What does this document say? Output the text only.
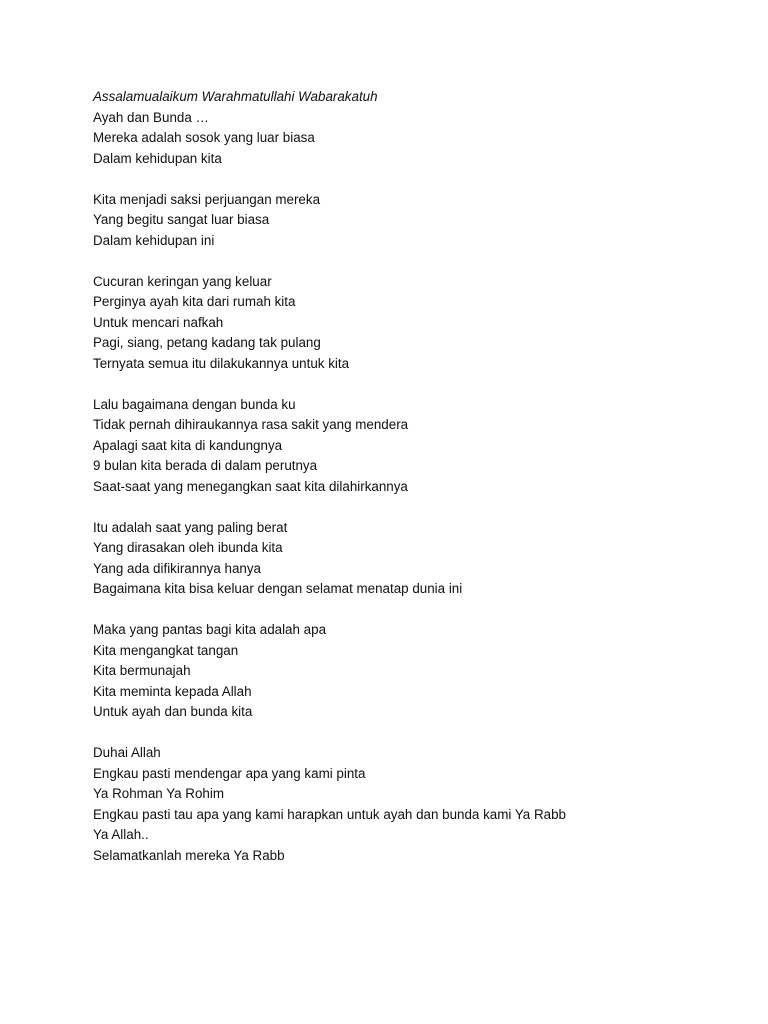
Assalamualaikum Warahmatullahi Wabarakatuh
Ayah dan Bunda …
Mereka adalah sosok yang luar biasa
Dalam kehidupan kita
Kita menjadi saksi perjuangan mereka
Yang begitu sangat luar biasa
Dalam kehidupan ini
Cucuran keringan yang keluar
Perginya ayah kita dari rumah kita
Untuk mencari nafkah
Pagi, siang, petang kadang tak pulang
Ternyata semua itu dilakukannya untuk kita
Lalu bagaimana dengan bunda ku
Tidak pernah dihiraukannya rasa sakit yang mendera
Apalagi saat kita di kandungnya
9 bulan kita berada di dalam perutnya
Saat-saat yang menegangkan saat kita dilahirkannya
Itu adalah saat yang paling berat
Yang dirasakan oleh ibunda kita
Yang ada difikirannya hanya
Bagaimana kita bisa keluar dengan selamat menatap dunia ini
Maka yang pantas bagi kita adalah apa
Kita mengangkat tangan
Kita bermunajah
Kita meminta kepada Allah
Untuk ayah dan bunda kita
Duhai Allah
Engkau pasti mendengar apa yang kami pinta
Ya Rohman Ya Rohim
Engkau pasti tau apa yang kami harapkan untuk ayah dan bunda kami Ya Rabb
Ya Allah..
Selamatkanlah mereka Ya Rabb
